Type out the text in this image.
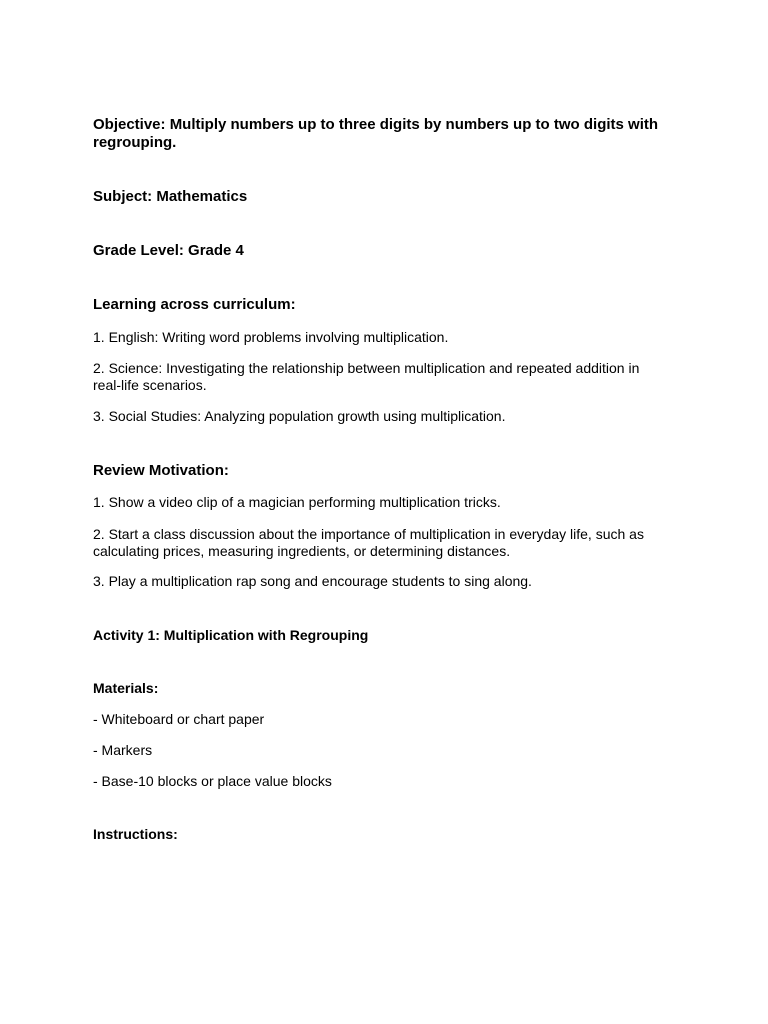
Objective: Multiply numbers up to three digits by numbers up to two digits with regrouping.

Subject: Mathematics

Grade Level: Grade 4

Learning across curriculum:

1. English: Writing word problems involving multiplication.

2. Science: Investigating the relationship between multiplication and repeated addition in real-life scenarios.

3. Social Studies: Analyzing population growth using multiplication.

Review Motivation:

1. Show a video clip of a magician performing multiplication tricks.

2. Start a class discussion about the importance of multiplication in everyday life, such as calculating prices, measuring ingredients, or determining distances.

3. Play a multiplication rap song and encourage students to sing along.

Activity 1: Multiplication with Regrouping

Materials:

- Whiteboard or chart paper

- Markers

- Base-10 blocks or place value blocks

Instructions:
